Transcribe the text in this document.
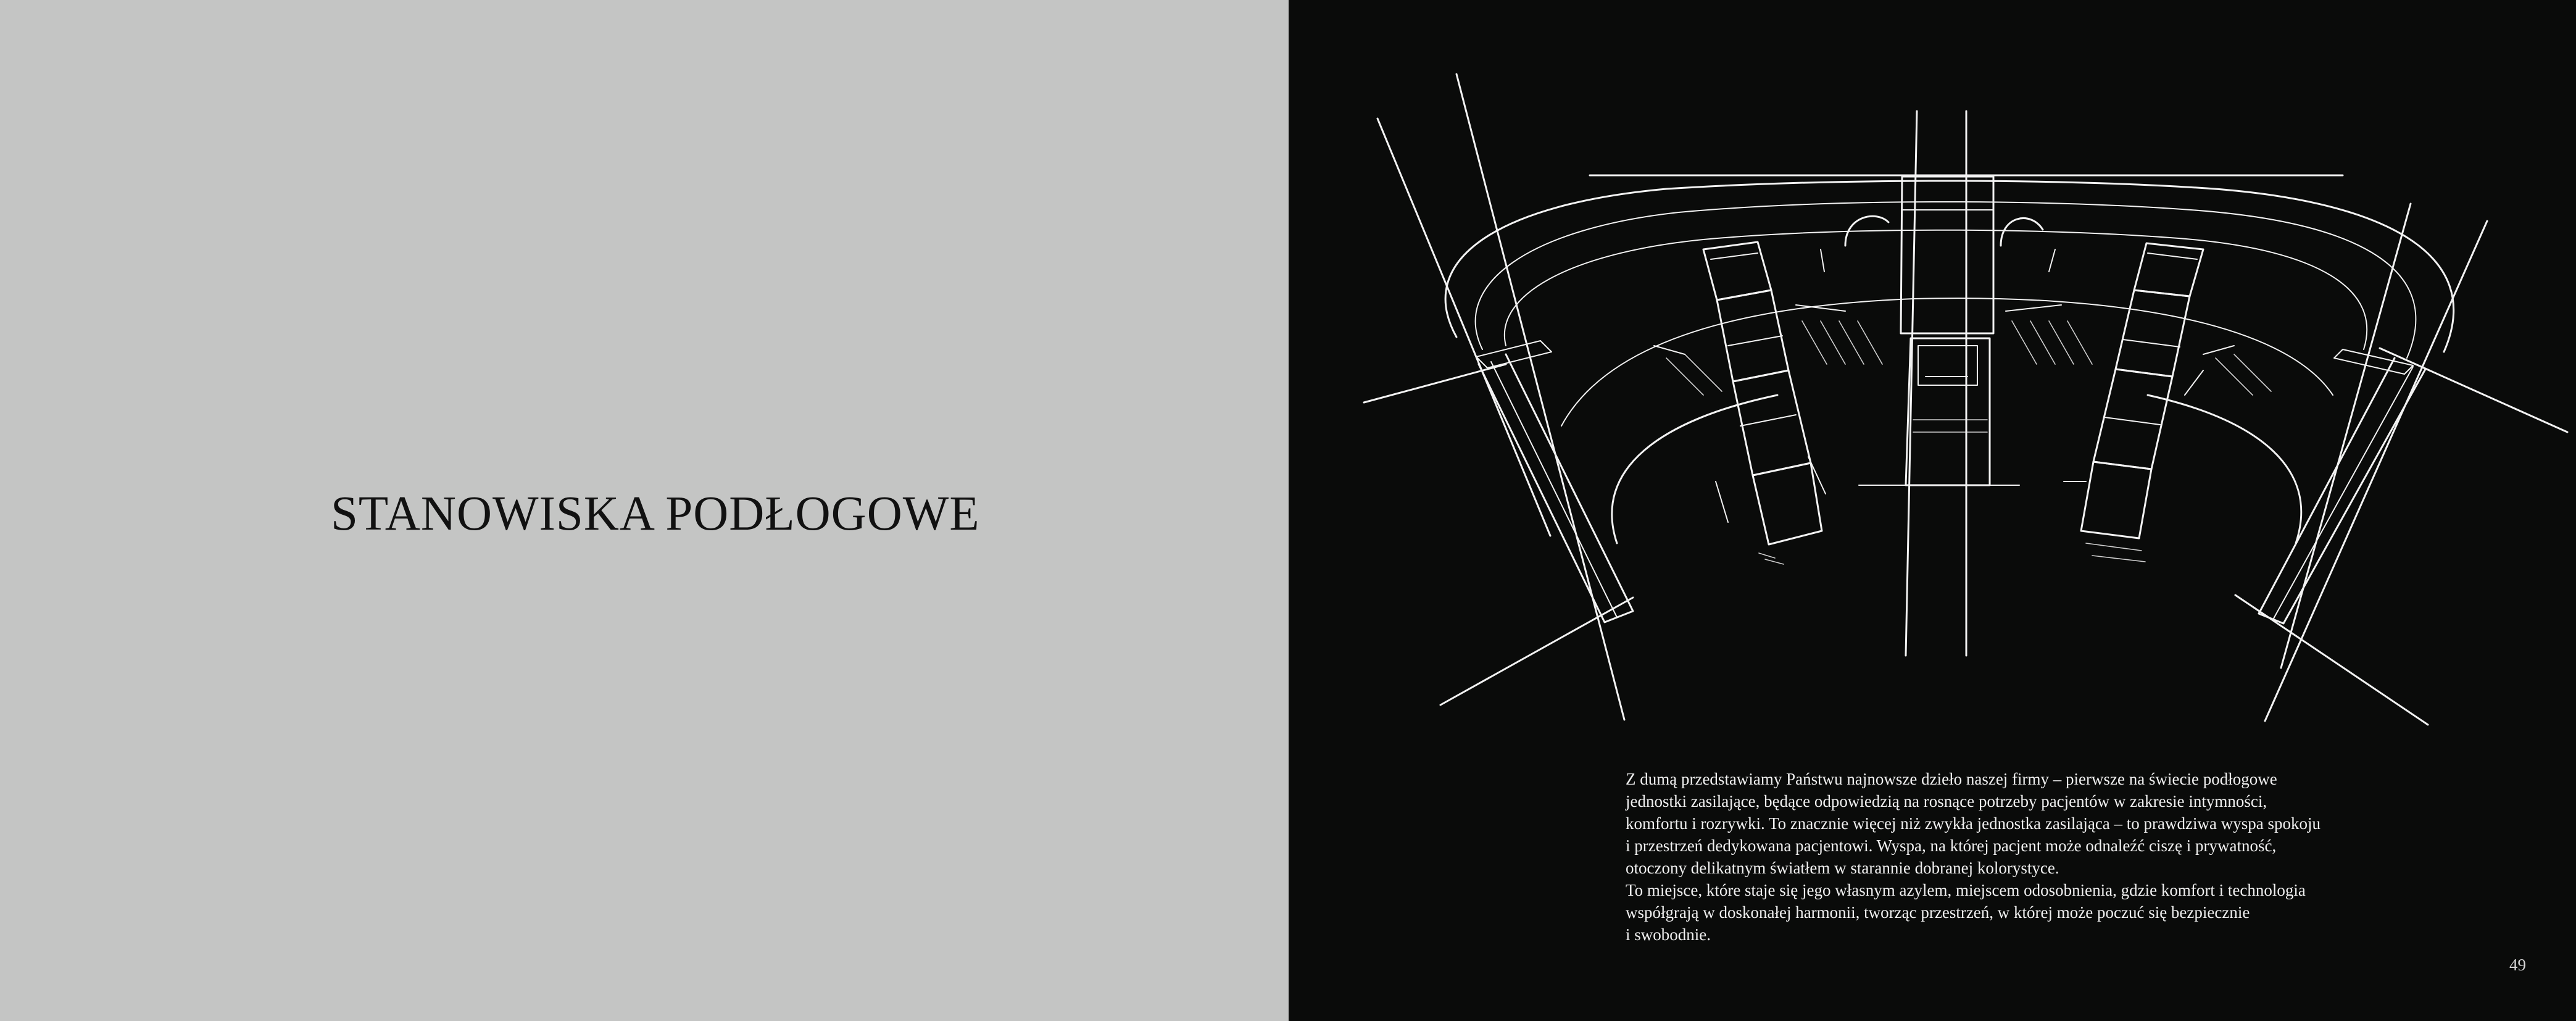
STANOWISKA PODŁOGOWE

Z dumą przedstawiamy Państwu najnowsze dzieło naszej firmy – pierwsze na świecie podłogowe

jednostki zasilające, będące odpowiedzią na rosnące potrzeby pacjentów w zakresie intymności,

komfortu i rozrywki. To znacznie więcej niż zwykła jednostka zasilająca – to prawdziwa wyspa spokoju

i przestrzeń dedykowana pacjentowi. Wyspa, na której pacjent może odnaleźć ciszę i prywatność,

otoczony delikatnym światłem w starannie dobranej kolorystyce.

To miejsce, które staje się jego własnym azylem, miejscem odosobnienia, gdzie komfort i technologia

współgrają w doskonałej harmonii, tworząc przestrzeń, w której może poczuć się bezpiecznie

i swobodnie.

49
